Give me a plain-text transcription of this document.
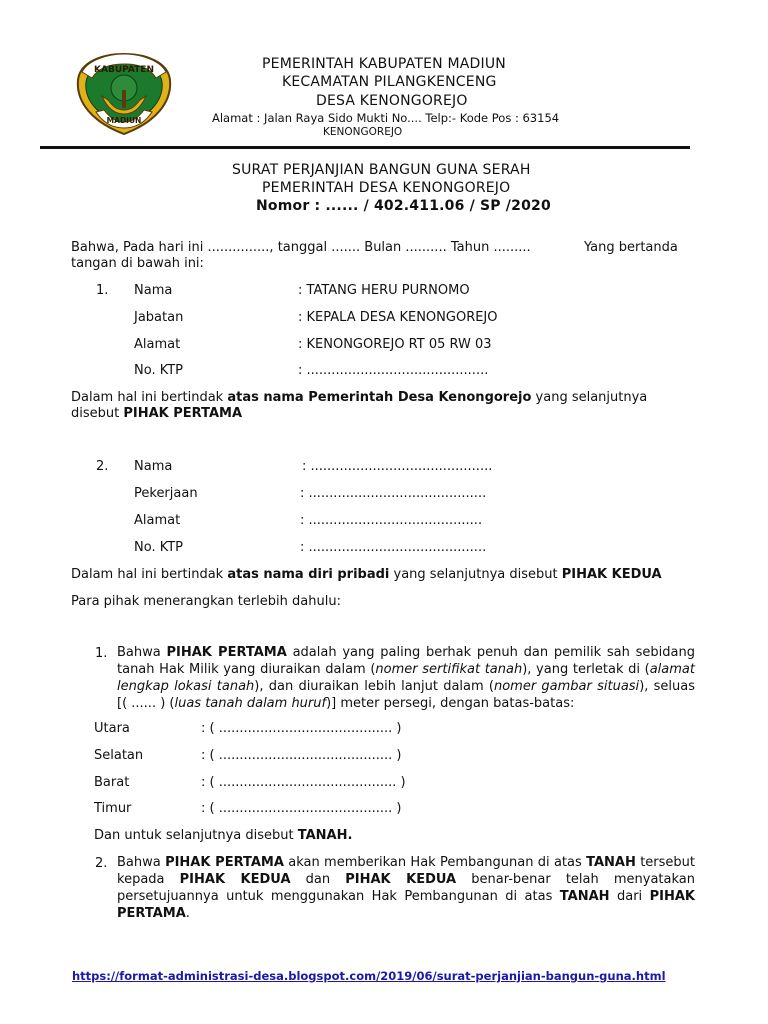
KABUPATEN
MADIUN
PEMERINTAH KABUPATEN MADIUN
KECAMATAN PILANGKENCENG
DESA KENONGOREJO
Alamat : Jalan Raya Sido Mukti No.... Telp:- Kode Pos : 63154
KENONGOREJO
SURAT PERJANJIAN BANGUN GUNA SERAH
PEMERINTAH DESA KENONGOREJO
Nomor : ...... / 402.411.06 / SP /2020
Bahwa, Pada hari ini ..............., tanggal ....... Bulan .......... Tahun .........	Yang bertanda
tangan di bawah ini:
1. Nama	: TATANG HERU PURNOMO
Jabatan	: KEPALA DESA KENONGOREJO
Alamat	: KENONGOREJO RT 05 RW 03
No. KTP	: ............................................
Dalam hal ini bertindak atas nama Pemerintah Desa Kenongorejo yang selanjutnya
disebut PIHAK PERTAMA
2. Nama	: ............................................
Pekerjaan	: ...........................................
Alamat	: ..........................................
No. KTP	: ...........................................
Dalam hal ini bertindak atas nama diri pribadi yang selanjutnya disebut PIHAK KEDUA
Para pihak menerangkan terlebih dahulu:
1. Bahwa PIHAK PERTAMA adalah yang paling berhak penuh dan pemilik sah sebidang tanah Hak Milik yang diuraikan dalam (nomer sertifikat tanah), yang terletak di (alamat lengkap lokasi tanah), dan diuraikan lebih lanjut dalam (nomer gambar situasi), seluas [( ...... ) (luas tanah dalam huruf)] meter persegi, dengan batas-batas:
Utara	: ( .......................................... )
Selatan	: ( .......................................... )
Barat	: ( ........................................... )
Timur	: ( .......................................... )
Dan untuk selanjutnya disebut TANAH.
2. Bahwa PIHAK PERTAMA akan memberikan Hak Pembangunan di atas TANAH tersebut kepada PIHAK KEDUA dan PIHAK KEDUA benar-benar telah menyatakan persetujuannya untuk menggunakan Hak Pembangunan di atas TANAH dari PIHAK PERTAMA.
https://format-administrasi-desa.blogspot.com/2019/06/surat-perjanjian-bangun-guna.html
